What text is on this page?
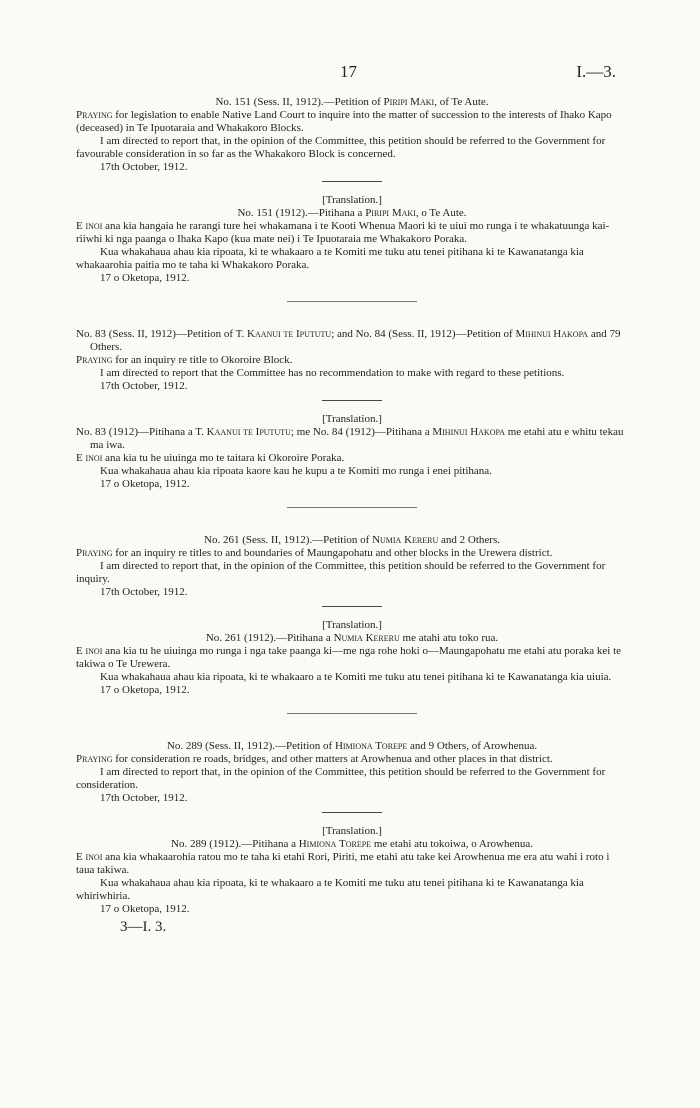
17	I.—3.

No. 151 (Sess. II, 1912).—Petition of Piripi Maki, of Te Aute.

Praying for legislation to enable Native Land Court to inquire into the matter of succession to the interests of Ihako Kapo (deceased) in Te Ipuotaraia and Whakakoro Blocks.

I am directed to report that, in the opinion of the Committee, this petition should be referred to the Government for favourable consideration in so far as the Whakakoro Block is concerned.

17th October, 1912.

[Translation.]

No. 151 (1912).—Pitihana a Piripi Maki, o Te Aute.

E inoi ana kia hangaia he rarangi ture hei whakamana i te Kooti Whenua Maori ki te uiui mo runga i te whakatuunga kai-riiwhi ki nga paanga o Ihaka Kapo (kua mate nei) i Te Ipuotaraia me Whakakoro Poraka.

Kua whakahaua ahau kia ripoata, ki te whakaaro a te Komiti me tuku atu tenei pitihana ki te Kawanatanga kia whakaarohia paitia mo te taha ki Whakakoro Poraka.

17 o Oketopa, 1912.

No. 83 (Sess. II, 1912)—Petition of T. Kaanui te Ipututu; and No. 84 (Sess. II, 1912)—Petition of Mihinui Hakopa and 79 Others.

Praying for an inquiry re title to Okoroire Block.

I am directed to report that the Committee has no recommendation to make with regard to these petitions.

17th October, 1912.

[Translation.]

No. 83 (1912)—Pitihana a T. Kaanui te Ipututu; me No. 84 (1912)—Pitihana a Mihinui Hakopa me etahi atu e whitu tekau ma iwa.

E inoi ana kia tu he uiuinga mo te taitara ki Okoroire Poraka.

Kua whakahaua ahau kia ripoata kaore kau he kupu a te Komiti mo runga i enei pitihana.

17 o Oketopa, 1912.

No. 261 (Sess. II, 1912).—Petition of Numia Kereru and 2 Others.

Praying for an inquiry re titles to and boundaries of Maungapohatu and other blocks in the Urewera district.

I am directed to report that, in the opinion of the Committee, this petition should be referred to the Government for inquiry.

17th October, 1912.

[Translation.]

No. 261 (1912).—Pitihana a Numia Kereru me atahi atu toko rua.

E inoi ana kia tu he uiuinga mo runga i nga take paanga ki—me nga rohe hoki o—Maungapohatu me etahi atu poraka kei te takiwa o Te Urewera.

Kua whakahaua ahau kia ripoata, ki te whakaaro a te Komiti me tuku atu tenei pitihana ki te Kawanatanga kia uiuia.

17 o Oketopa, 1912.

No. 289 (Sess. II, 1912).—Petition of Himiona Torepe and 9 Others, of Arowhenua.

Praying for consideration re roads, bridges, and other matters at Arowhenua and other places in that district.

I am directed to report that, in the opinion of the Committee, this petition should be referred to the Government for consideration.

17th October, 1912.

[Translation.]

No. 289 (1912).—Pitihana a Himiona Torepe me etahi atu tokoiwa, o Arowhenua.

E inoi ana kia whakaarohia ratou mo te taha ki etahi Rori, Piriti, me etahi atu take kei Arowhenua me era atu wahi i roto i taua takiwa.

Kua whakahaua ahau kia ripoata, ki te whakaaro a te Komiti me tuku atu tenei pitihana ki te Kawanatanga kia whiriwhiria.

17 o Oketopa, 1912.

3—I. 3.
